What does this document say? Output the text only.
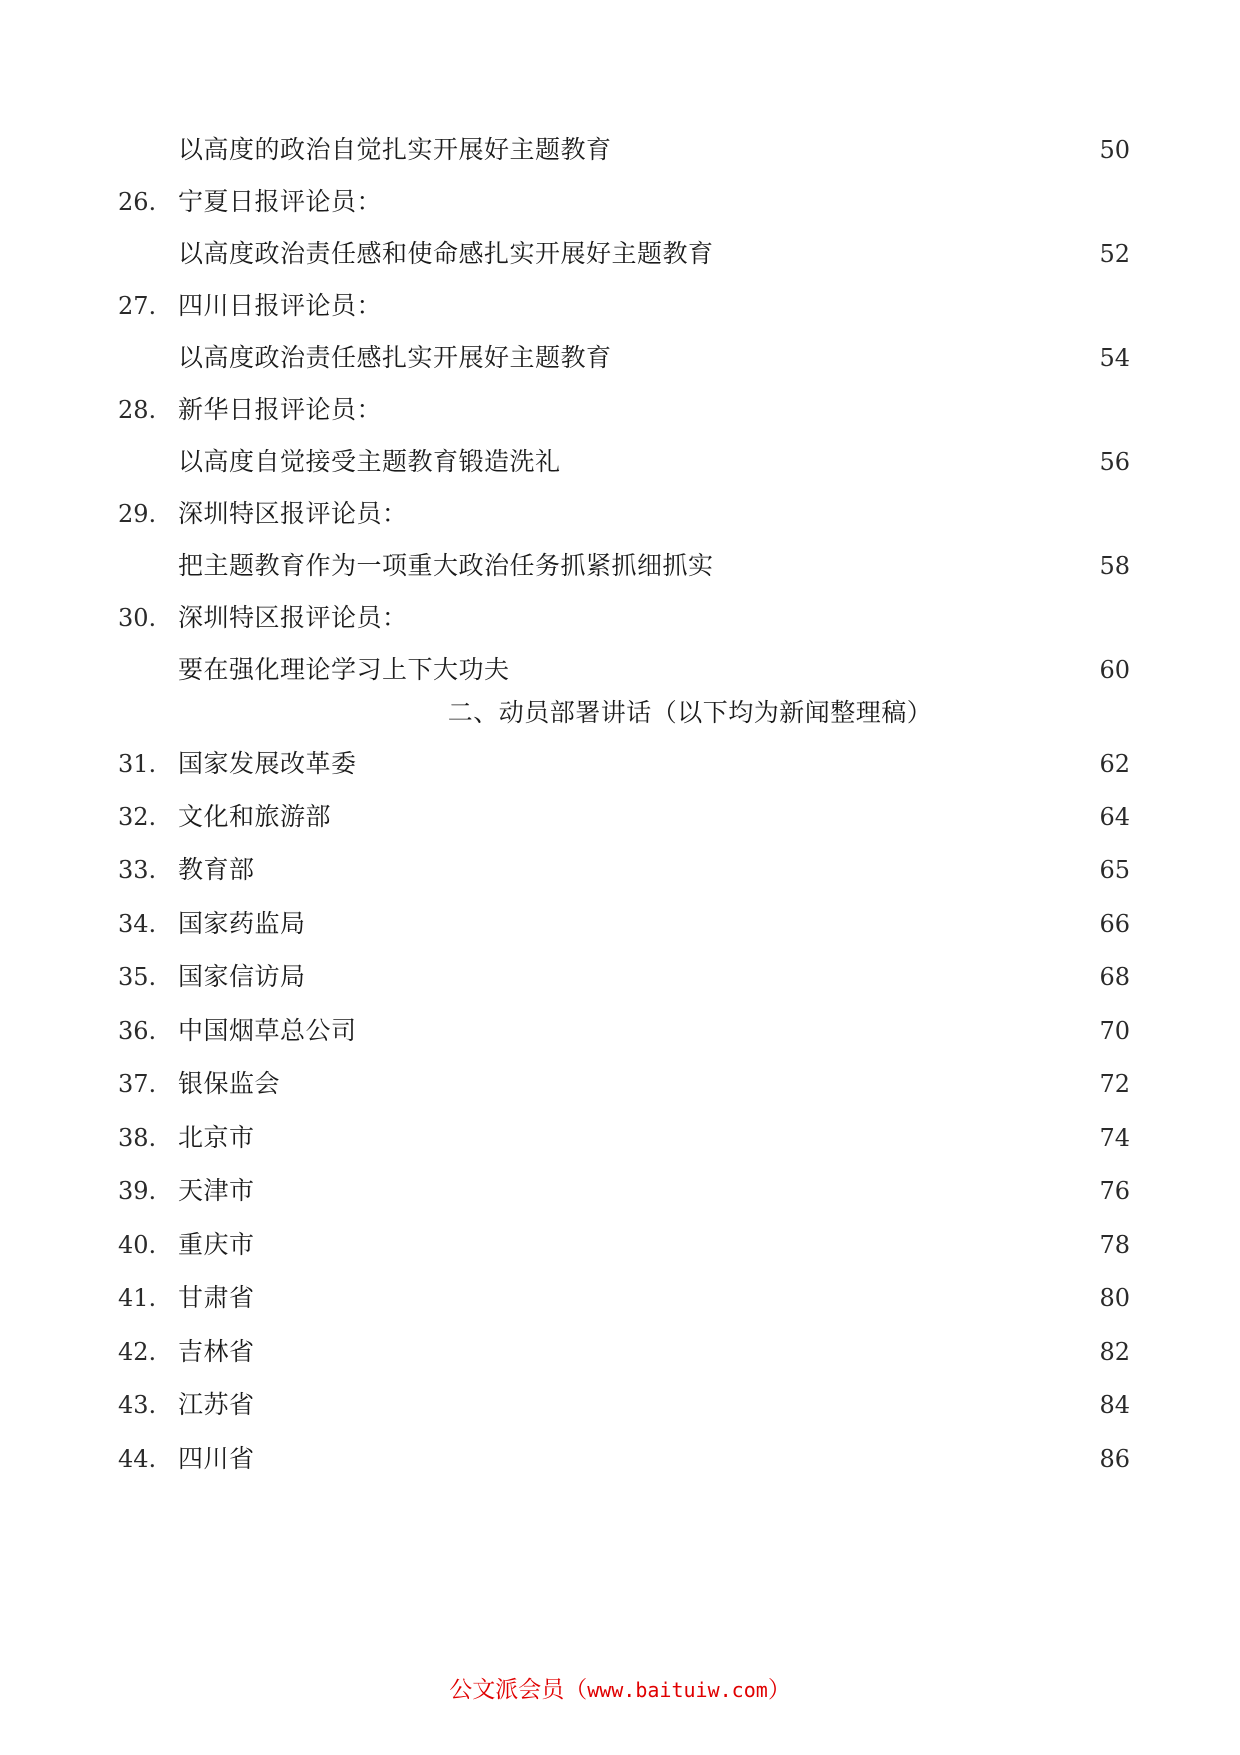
以高度的政治自觉扎实开展好主题教育	50
26. 宁夏日报评论员：
以高度政治责任感和使命感扎实开展好主题教育	52
27. 四川日报评论员：
以高度政治责任感扎实开展好主题教育	54
28. 新华日报评论员：
以高度自觉接受主题教育锻造洗礼	56
29. 深圳特区报评论员：
把主题教育作为一项重大政治任务抓紧抓细抓实	58
30. 深圳特区报评论员：
要在强化理论学习上下大功夫	60
二、动员部署讲话（以下均为新闻整理稿）
31. 国家发展改革委	62
32. 文化和旅游部	64
33. 教育部	65
34. 国家药监局	66
35. 国家信访局	68
36. 中国烟草总公司	70
37. 银保监会	72
38. 北京市	74
39. 天津市	76
40. 重庆市	78
41. 甘肃省	80
42. 吉林省	82
43. 江苏省	84
44. 四川省	86
公文派会员（www.baituiw.com）
